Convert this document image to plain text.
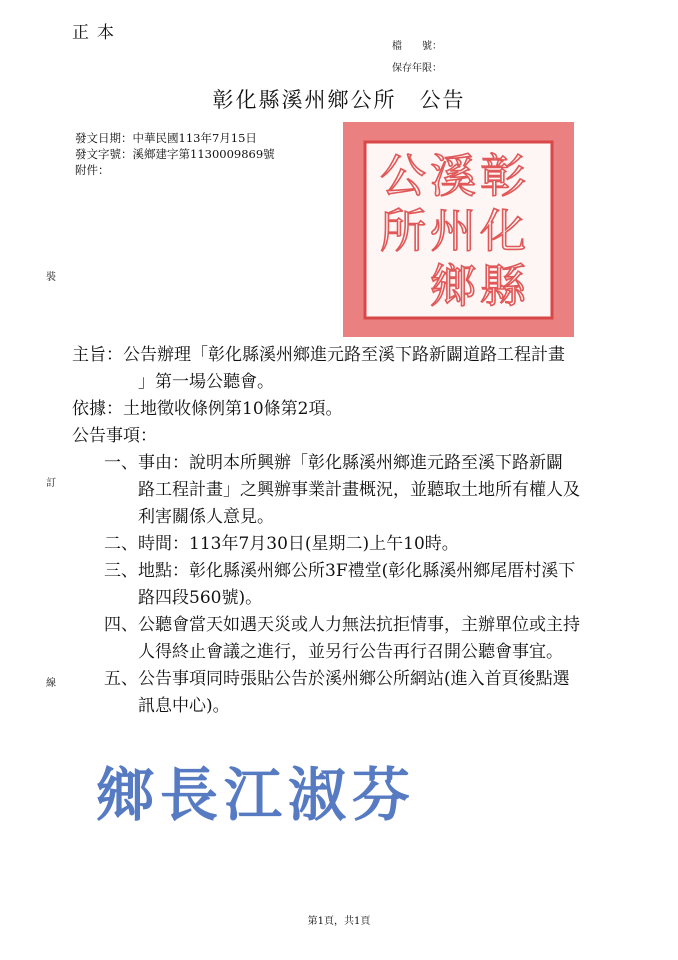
正本
檔　　號：
保存年限：
彰化縣溪州鄉公所　公告
發文日期：中華民國113年7月15日
發文字號：溪鄉建字第1130009869號
附件：
裝
訂
線
彰
化
縣
溪
州
鄉
公
所

主旨：公告辦理「彰化縣溪州鄉進元路至溪下路新闢道路工程計畫

」第一場公聽會。

依據：土地徵收條例第10條第2項。

公告事項：

一、 事由：說明本所興辦「彰化縣溪州鄉進元路至溪下路新闢
路工程計畫」之興辦事業計畫概況，並聽取土地所有權人及
利害關係人意見。
二、 時間：113年7月30日(星期二)上午10時。
三、 地點：彰化縣溪州鄉公所3F禮堂(彰化縣溪州鄉尾厝村溪下
路四段560號)。
四、 公聽會當天如遇天災或人力無法抗拒情事，主辦單位或主持
人得終止會議之進行，並另行公告再行召開公聽會事宜。
五、 公告事項同時張貼公告於溪州鄉公所網站(進入首頁後點選
訊息中心)。
鄉長江淑芬
第1頁，共1頁
